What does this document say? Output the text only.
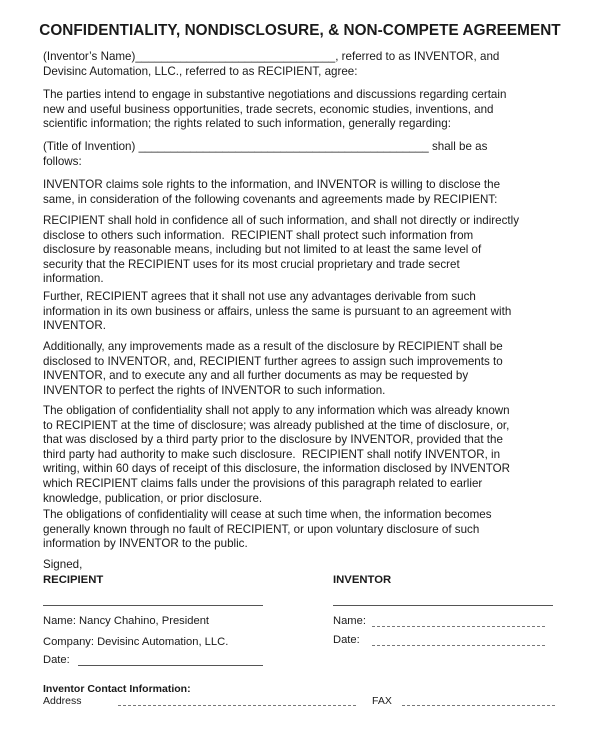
CONFIDENTIALITY, NONDISCLOSURE, & NON-COMPETE AGREEMENT

(Inventor’s Name)_______________________________, referred to as INVENTOR, and
Devisinc Automation, LLC., referred to as RECIPIENT, agree:

The parties intend to engage in substantive negotiations and discussions regarding certain
new and useful business opportunities, trade secrets, economic studies, inventions, and
scientific information; the rights related to such information, generally regarding:

(Title of Invention) _____________________________________________ shall be as
follows:

INVENTOR claims sole rights to the information, and INVENTOR is willing to disclose the
same, in consideration of the following covenants and agreements made by RECIPIENT:

RECIPIENT shall hold in confidence all of such information, and shall not directly or indirectly
disclose to others such information.  RECIPIENT shall protect such information from
disclosure by reasonable means, including but not limited to at least the same level of
security that the RECIPIENT uses for its most crucial proprietary and trade secret
information.

Further, RECIPIENT agrees that it shall not use any advantages derivable from such
information in its own business or affairs, unless the same is pursuant to an agreement with
INVENTOR.

Additionally, any improvements made as a result of the disclosure by RECIPIENT shall be
disclosed to INVENTOR, and, RECIPIENT further agrees to assign such improvements to
INVENTOR, and to execute any and all further documents as may be requested by
INVENTOR to perfect the rights of INVENTOR to such information.

The obligation of confidentiality shall not apply to any information which was already known
to RECIPIENT at the time of disclosure; was already published at the time of disclosure, or,
that was disclosed by a third party prior to the disclosure by INVENTOR, provided that the
third party had authority to make such disclosure.  RECIPIENT shall notify INVENTOR, in
writing, within 60 days of receipt of this disclosure, the information disclosed by INVENTOR
which RECIPIENT claims falls under the provisions of this paragraph related to earlier
knowledge, publication, or prior disclosure.

The obligations of confidentiality will cease at such time when, the information becomes
generally known through no fault of RECIPIENT, or upon voluntary disclosure of such
information by INVENTOR to the public.

Signed,

RECIPIENT
Name: Nancy Chahino, President
Company: Devisinc Automation, LLC.
Date:
INVENTOR
Name:
Date:
Inventor Contact Information:
Address	FAX
